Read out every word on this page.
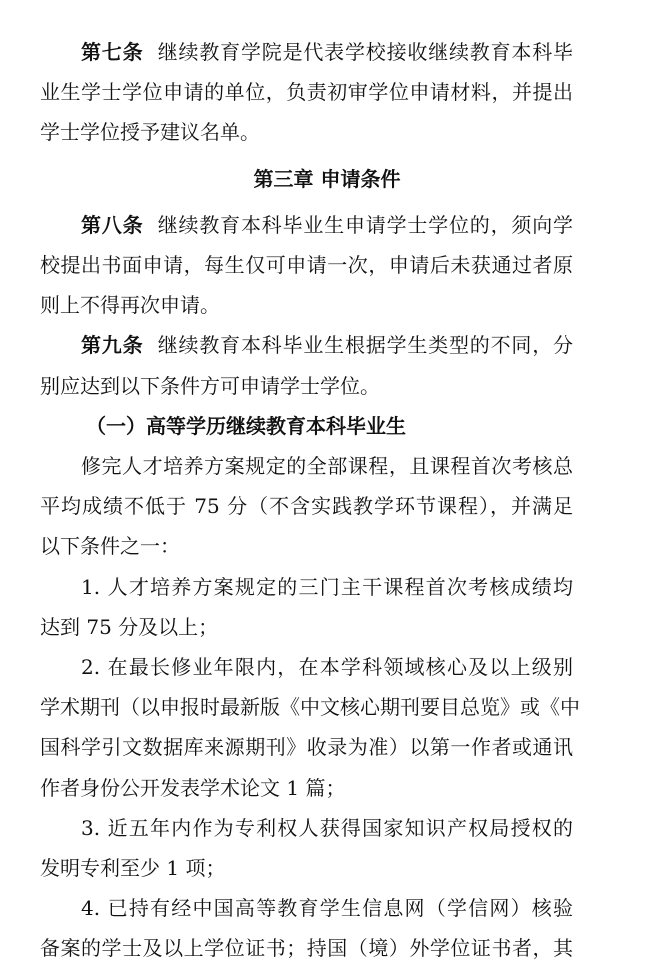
第七条 继续教育学院是代表学校接收继续教育本科毕
业生学士学位申请的单位，负责初审学位申请材料，并提出
学士学位授予建议名单。
第三章 申请条件
第八条 继续教育本科毕业生申请学士学位的，须向学
校提出书面申请，每生仅可申请一次，申请后未获通过者原
则上不得再次申请。
第九条 继续教育本科毕业生根据学生类型的不同，分
别应达到以下条件方可申请学士学位。
（一）高等学历继续教育本科毕业生
修完人才培养方案规定的全部课程，且课程首次考核总
平均成绩不低于 75 分（不含实践教学环节课程），并满足
以下条件之一：
1. 人才培养方案规定的三门主干课程首次考核成绩均
达到 75 分及以上；
2. 在最长修业年限内，在本学科领域核心及以上级别
学术期刊（以申报时最新版《中文核心期刊要目总览》或《中
国科学引文数据库来源期刊》收录为准）以第一作者或通讯
作者身份公开发表学术论文 1 篇；
3. 近五年内作为专利权人获得国家知识产权局授权的
发明专利至少 1 项；
4. 已持有经中国高等教育学生信息网（学信网）核验
备案的学士及以上学位证书；持国（境）外学位证书者，其
